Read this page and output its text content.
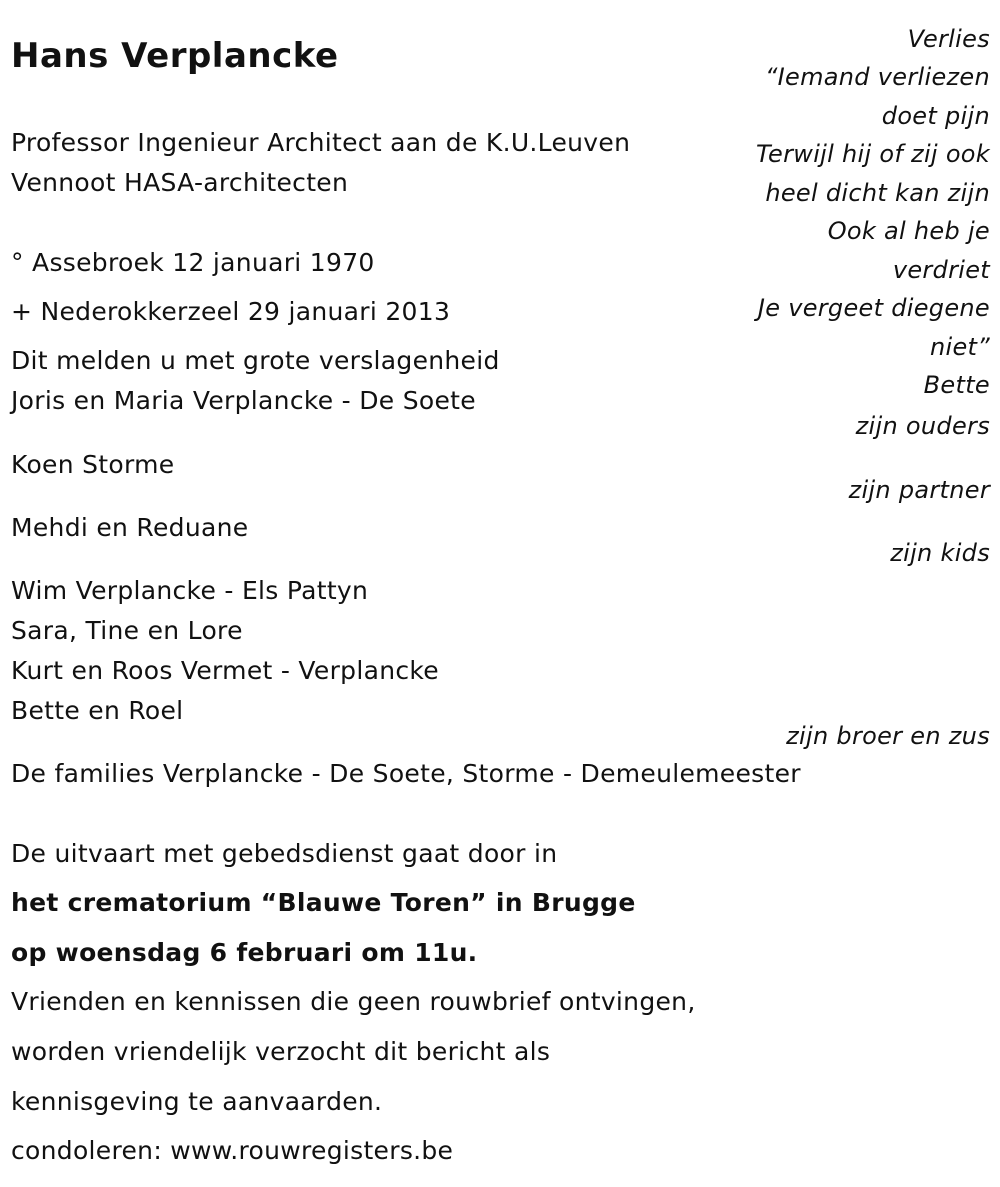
Hans Verplancke
Professor Ingenieur Architect aan de K.U.Leuven
Vennoot HASA-architecten
° Assebroek 12 januari 1970
+ Nederokkerzeel 29 januari 2013
Dit melden u met grote verslagenheid
Joris en Maria Verplancke - De Soete
Koen Storme
Mehdi en Reduane
Wim Verplancke - Els Pattyn
Sara, Tine en Lore
Kurt en Roos Vermet - Verplancke
Bette en Roel
De families Verplancke - De Soete, Storme - Demeulemeester
De uitvaart met gebedsdienst gaat door in
het crematorium “Blauwe Toren” in Brugge
op woensdag 6 februari om 11u.
Vrienden en kennissen die geen rouwbrief ontvingen,
worden vriendelijk verzocht dit bericht als
kennisgeving te aanvaarden.
condoleren: www.rouwregisters.be
Verlies
“Iemand verliezen
doet pijn
Terwijl hij of zij ook
heel dicht kan zijn
Ook al heb je
verdriet
Je vergeet diegene
niet”
Bette
zijn ouders
zijn partner
zijn kids
zijn broer en zus
